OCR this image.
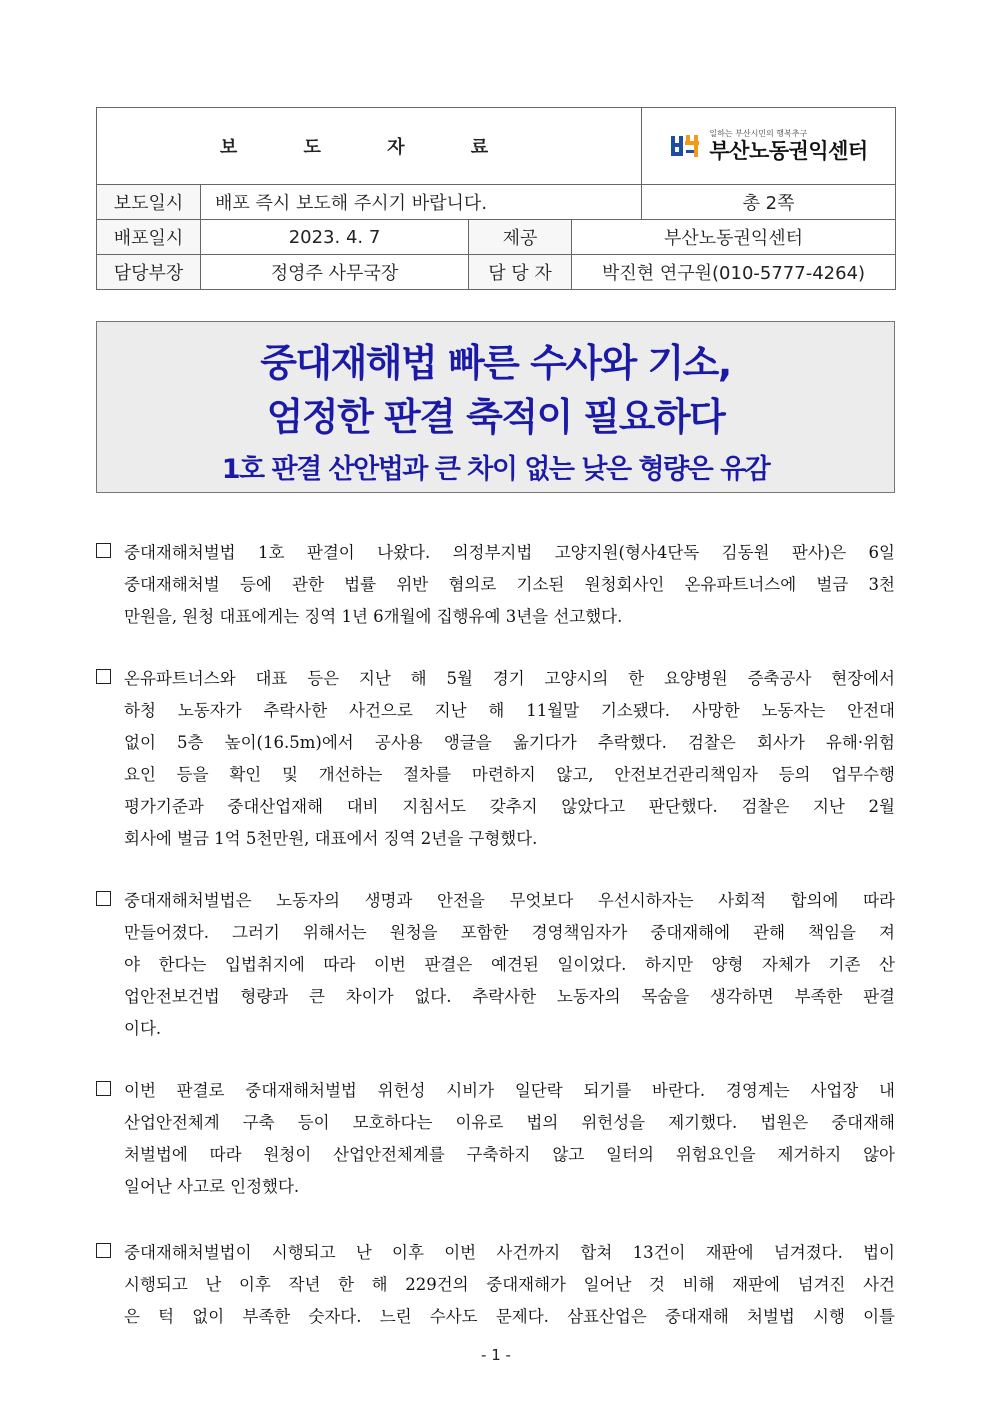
보 도 자 료				일하는 부산시민의 행복추구
부산노동권익센터

보도일시	배포 즉시 보도해 주시기 바랍니다.			총 2쪽
배포일시	2023. 4. 7	제공	부산노동권익센터	
담당부장	정영주 사무국장	담 당 자	박진현 연구원(010-5777-4264)	
중대재해법 빠른 수사와 기소,
엄정한 판결 축적이 필요하다
1호 판결 산안법과 큰 차이 없는 낮은 형량은 유감
중대재해처벌법 1호 판결이 나왔다. 의정부지법 고양지원(형사4단독 김동원 판사)은 6일
중대재해처벌 등에 관한 법률 위반 혐의로 기소된 원청회사인 온유파트너스에 벌금 3천
만원을, 원청 대표에게는 징역 1년 6개월에 집행유예 3년을 선고했다.
온유파트너스와 대표 등은 지난 해 5월 경기 고양시의 한 요양병원 증축공사 현장에서
하청 노동자가 추락사한 사건으로 지난 해 11월말 기소됐다. 사망한 노동자는 안전대
없이 5층 높이(16.5m)에서 공사용 앵글을 옮기다가 추락했다. 검찰은 회사가 유해·위험
요인 등을 확인 및 개선하는 절차를 마련하지 않고, 안전보건관리책임자 등의 업무수행
평가기준과 중대산업재해 대비 지침서도 갖추지 않았다고 판단했다. 검찰은 지난 2월
회사에 벌금 1억 5천만원, 대표에서 징역 2년을 구형했다.
중대재해처벌법은 노동자의 생명과 안전을 무엇보다 우선시하자는 사회적 합의에 따라
만들어졌다. 그러기 위해서는 원청을 포함한 경영책임자가 중대재해에 관해 책임을 져
야 한다는 입법취지에 따라 이번 판결은 예견된 일이었다. 하지만 양형 자체가 기존 산
업안전보건법 형량과 큰 차이가 없다. 추락사한 노동자의 목숨을 생각하면 부족한 판결
이다.
이번 판결로 중대재해처벌법 위헌성 시비가 일단락 되기를 바란다. 경영계는 사업장 내
산업안전체계 구축 등이 모호하다는 이유로 법의 위헌성을 제기했다. 법원은 중대재해
처벌법에 따라 원청이 산업안전체계를 구축하지 않고 일터의 위험요인을 제거하지 않아
일어난 사고로 인정했다.
중대재해처벌법이 시행되고 난 이후 이번 사건까지 합쳐 13건이 재판에 넘겨졌다. 법이
시행되고 난 이후 작년 한 해 229건의 중대재해가 일어난 것 비해 재판에 넘겨진 사건
은 턱 없이 부족한 숫자다. 느린 수사도 문제다. 삼표산업은 중대재해 처벌법 시행 이틀
- 1 -
